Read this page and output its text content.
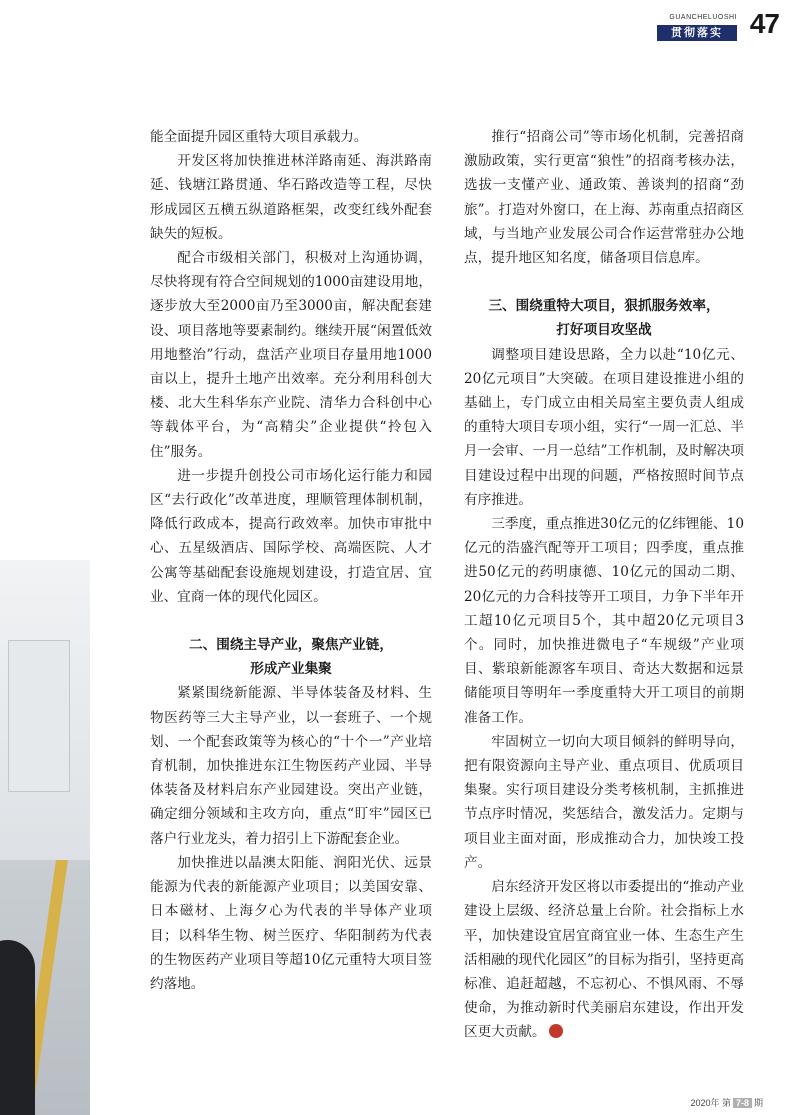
GUANCHELUOSHI
贯彻落实 47

能全面提升园区重特大项目承载力。

开发区将加快推进林洋路南延、海洪路南延、钱塘江路贯通、华石路改造等工程，尽快形成园区五横五纵道路框架，改变红线外配套缺失的短板。

配合市级相关部门，积极对上沟通协调，尽快将现有符合空间规划的1000亩建设用地，逐步放大至2000亩乃至3000亩，解决配套建设、项目落地等要素制约。继续开展“闲置低效用地整治”行动，盘活产业项目存量用地1000亩以上，提升土地产出效率。充分利用科创大楼、北大生科华东产业院、清华力合科创中心等载体平台，为“高精尖”企业提供“拎包入住”服务。

进一步提升创投公司市场化运行能力和园区“去行政化”改革进度，理顺管理体制机制，降低行政成本，提高行政效率。加快市审批中心、五星级酒店、国际学校、高端医院、人才公寓等基础配套设施规划建设，打造宜居、宜业、宜商一体的现代化园区。

二、围绕主导产业，聚焦产业链，
形成产业集聚

紧紧围绕新能源、半导体装备及材料、生物医药等三大主导产业，以一套班子、一个规划、一个配套政策等为核心的“十个一”产业培育机制，加快推进东江生物医药产业园、半导体装备及材料启东产业园建设。突出产业链，确定细分领域和主攻方向，重点“盯牢”园区已落户行业龙头，着力招引上下游配套企业。

加快推进以晶澳太阳能、润阳光伏、远景能源为代表的新能源产业项目；以美国安靠、日本磁材、上海夕心为代表的半导体产业项目；以科华生物、树兰医疗、华阳制药为代表的生物医药产业项目等超10亿元重特大项目签约落地。

推行“招商公司”等市场化机制，完善招商激励政策，实行更富“狼性”的招商考核办法，选拔一支懂产业、通政策、善谈判的招商“劲旅”。打造对外窗口，在上海、苏南重点招商区域，与当地产业发展公司合作运营常驻办公地点，提升地区知名度，储备项目信息库。

三、围绕重特大项目，狠抓服务效率，
打好项目攻坚战

调整项目建设思路，全力以赴“10亿元、20亿元项目”大突破。在项目建设推进小组的基础上，专门成立由相关局室主要负责人组成的重特大项目专项小组，实行“一周一汇总、半月一会审、一月一总结”工作机制，及时解决项目建设过程中出现的问题，严格按照时间节点有序推进。

三季度，重点推进30亿元的亿纬锂能、10亿元的浩盛汽配等开工项目；四季度，重点推进50亿元的药明康德、10亿元的国动二期、20亿元的力合科技等开工项目，力争下半年开工超10亿元项目5个，其中超20亿元项目3个。同时，加快推进微电子“车规级”产业项目、紫琅新能源客车项目、奇达大数据和远景储能项目等明年一季度重特大开工项目的前期准备工作。

牢固树立一切向大项目倾斜的鲜明导向，把有限资源向主导产业、重点项目、优质项目集聚。实行项目建设分类考核机制，主抓推进节点序时情况，奖惩结合，激发活力。定期与项目业主面对面，形成推动合力，加快竣工投产。

启东经济开发区将以市委提出的“推动产业建设上层级、经济总量上台阶。社会指标上水平，加快建设宜居宜商宜业一体、生态生产生活相融的现代化园区”的目标为指引，坚持更高标准、追赶超越，不忘初心、不惧风雨、不辱使命，为推动新时代美丽启东建设，作出开发区更大贡献。

2020年 第 7-8 期
